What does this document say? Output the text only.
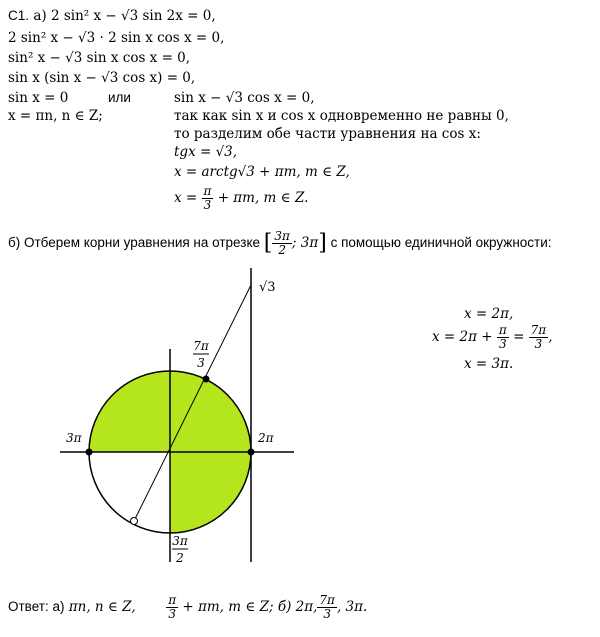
С1. а) 2 sin² x − √3 sin 2x = 0,
2 sin² x − √3 · 2 sin x cos x = 0,
sin² x − √3 sin x cos x = 0,
sin x (sin x − √3 cos x) = 0,
sin x = 0	или	sin x − √3 cos x = 0,
x = πn, n ∈ Z;	так как sin x и cos x одновременно не равны 0,
то разделим обе части уравнения на cos x:
tgx = √3,
x = arctg√3 + πm, m ∈ Z,
$x = \frac{\pi}{3} + \pi m$, m ∈ Z.
б) Отберем корни уравнения на отрезке [ $\frac{3\pi}{2}$ ; 3π] с помощью единичной окружности:
√3
7π
3
3π	2π
3π
2
x = 2π,
$x = 2\pi + \frac{\pi}{3} = \frac{7\pi}{3}$ ,
x = 3π.
Ответ: а) πn, n ∈ Z,	$\frac{\pi}{3} + \pi m$, m ∈ Z; б) 2π, $\frac{7\pi}{3}$ , 3π.
